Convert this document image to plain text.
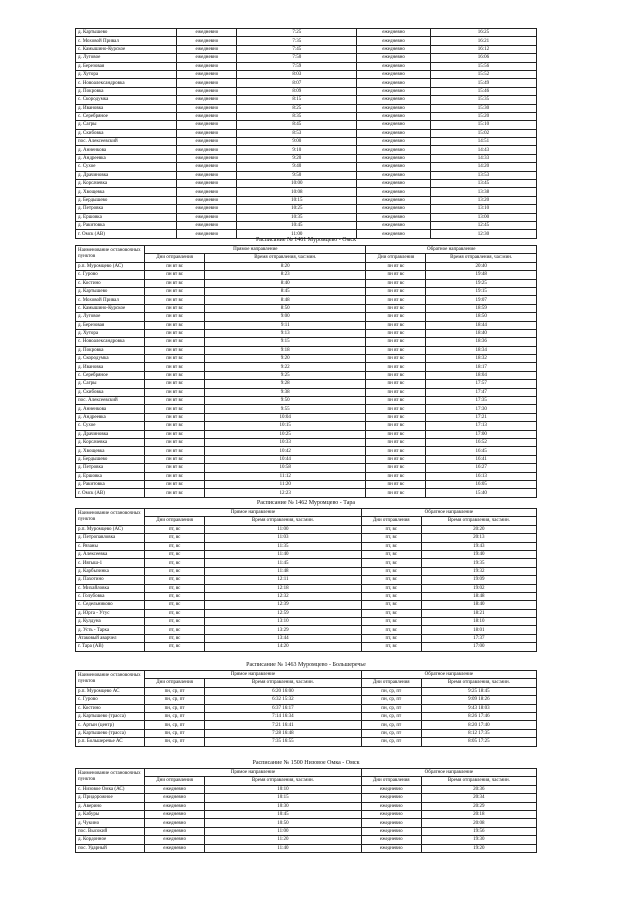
д. Картышево	ежедневно	7:25	ежедневно	16:25
с. Моховой Привал	ежедневно	7:35	ежедневно	16:21
с. Камышино-Курское	ежедневно	7:45	ежедневно	16:12
д. Луговое	ежедневно	7:50	ежедневно	16:06
д. Березовая	ежедневно	7:59	ежедневно	15:56
д. Хутора	ежедневно	8:03	ежедневно	15:52
с. Новоалександровка	ежедневно	8:07	ежедневно	15:49
д. Покровка	ежедневно	8:09	ежедневно	15:46
с. Скородумка	ежедневно	8:15	ежедневно	15:35
д. Ивановка	ежедневно	8:25	ежедневно	15:30
с. Серебряное	ежедневно	8:35	ежедневно	15:20
д. Сагры	ежедневно	8:45	ежедневно	15:10
д. Скибовка	ежедневно	8:53	ежедневно	15:02
пос. Алексеевский	ежедневно	9:00	ежедневно	14:51
д. Анненкова	ежедневно	9:10	ежедневно	14:43
д. Андреевка	ежедневно	9:20	ежедневно	14:33
с. Сухое	ежедневно	9:40	ежедневно	14:20
д. Драчиновка	ежедневно	9:50	ежедневно	13:53
д. Корсачевка	ежедневно	10:00	ежедневно	13:45
д. Хвощевка	ежедневно	10:08	ежедневно	13:38
д. Бердышево	ежедневно	10:15	ежедневно	13:20
д. Петровка	ежедневно	10:25	ежедневно	13:10
д. Ершовка	ежедневно	10:35	ежедневно	13:00
д. Ракитовка	ежедневно	10:45	ежедневно	12:45
г. Омск (АВ)	ежедневно	11:00	ежедневно	12:30
Расписание № 1461 Муромцево - Омск
Наименование остановочных пунктов	Прямое направление		Обратное направление	
	Дни отправления	Время отправления, час:мин.	Дни отправления	Время отправления, час:мин.
р.п. Муромцево (АС)	пн вт вс	8:20	пн вт вс	20:40
с. Гурово	пн вт вс	8:23	пн вт вс	19:48
с. Костино	пн вт вс	8:40	пн вт вс	19:25
д. Картышево	пн вт вс	8:45	пн вт вс	19:15
с. Моховой Привал	пн вт вс	8:48	пн вт вс	19:07
с. Камышино-Курское	пн вт вс	8:50	пн вт вс	18:59
д. Луговое	пн вт вс	9:00	пн вт вс	18:50
д. Березовая	пн вт вс	9:11	пн вт вс	18:44
д. Хутора	пн вт вс	9:13	пн вт вс	18:40
с. Новоалександровка	пн вт вс	9:15	пн вт вс	18:36
д. Покровка	пн вт вс	9:18	пн вт вс	18:34
д. Скородумка	пн вт вс	9:20	пн вт вс	18:32
д. Ивановка	пн вт вс	9:22	пн вт вс	18:17
с. Серебряное	пн вт вс	9:25	пн вт вс	18:04
д. Сагры	пн вт вс	9:28	пн вт вс	17:57
д. Скибовка	пн вт вс	9:38	пн вт вс	17:47
пос. Алексеевский	пн вт вс	9:50	пн вт вс	17:35
д. Анненкова	пн вт вс	9:55	пн вт вс	17:30
д. Андреевка	пн вт вс	10:04	пн вт вс	17:21
с. Сухое	пн вт вс	10:15	пн вт вс	17:13
д. Драчиновка	пн вт вс	10:25	пн вт вс	17:00
д. Корсачевка	пн вт вс	10:33	пн вт вс	16:52
д. Хвощевка	пн вт вс	10:42	пн вт вс	16:45
д. Бердышево	пн вт вс	10:44	пн вт вс	16:41
д. Петровка	пн вт вс	10:58	пн вт вс	16:27
д. Ершовка	пн вт вс	11:12	пн вт вс	16:13
д. Ракитовка	пн вт вс	11:20	пн вт вс	16:05
г. Омск (АВ)	пн вт вс	12:23	пн вт вс	15:40
Расписание № 1462 Муромцево - Тара
Наименование остановочных пунктов	Прямое направление		Обратное направление	
	Дни отправления	Время отправления, час:мин.	Дни отправления	Время отправления, час:мин.
р.п. Муромцево (АС)	пт, вс	11:00	пт, вс	20:20
д. Петропавловка	пт, вс	11:03	пт, вс	20:13
с. Рязаны	пт, вс	11:35	пт, вс	19:43
д. Алексеевка	пт, вс	11:40	пт, вс	19:40
с. Ивтыш-1	пт, вс	11:45	пт, вс	19:35
д. Карбызинка	пт, вс	11:48	пт, вс	19:32
д. Пахотино	пт, вс	12:11	пт, вс	19:09
с. Михайловка	пт, вс	12:18	пт, вс	19:02
с. Голубовка	пт, вс	12:32	пт, вс	18:48
с. Седельниково	пт, вс	12:39	пт, вс	18:40
д. Юрга - Утус	пт, вс	12:59	пт, вс	18:21
д. Кулдуна	пт, вс	13:10	пт, вс	18:10
д. Усть - Тарка	пт, вс	13:29	пт, вс	18:01
Атаковый аварчел	пт, вс	13:44	пт, вс	17:37
г. Тара (АВ)	пт, вс	14:20	пт, вс	17:00
Расписание № 1463 Муромцево - Большеречье
Наименование остановочных пунктов	Прямое направление		Обратное направление	
	Дни отправления	Время отправления, час:мин.	Дни отправления	Время отправления, час:мин.
р.п. Муромцево АС	пн, ср, пт	6:20 16:00	пн, ср, пт	9:25 18:45
с. Гурово	пн, ср, пт	6:32 15:32	пн, ср, пт	9:09 18:26
с. Костино	пн, ср, пт	6:37 16:17	пн, ср, пт	9:43 18:03
д. Картышево (трасса)	пн, ср, пт	7:14 16:34	пн, ср, пт	8:26 17:46
с. Артын (центр)	пн, ср, пт	7:21 16:41	пн, ср, пт	8:20 17:40
д. Картышево (трасса)	пн, ср, пт	7:28 16:48	пн, ср, пт	8:12 17:35
р.п. Большеречье АС	пн, ср, пт	7:35 16:55	пн, ср, пт	8:05 17:25
Расписание № 1500 Низовое Омка - Омск
Наименование остановочных пунктов	Прямое направление		Обратное направление	
	Дни отправления	Время отправления, час:мин.	Дни отправления	Время отправления, час:мин.
с. Низовое Омка (АС)	ежедневно	10:10	ежедневно	20:36
д. Придорожное	ежедневно	10:15	ежедневно	20:34
д. Аверино	ежедневно	10:30	ежедневно	20:29
д. Кабуры	ежедневно	10:45	ежедневно	20:18
д. Чукино	ежедневно	10:50	ежедневно	20:08
пос. Высокий	ежедневно	11:00	ежедневно	19:56
д. Кордонное	ежедневно	11:20	ежедневно	19:30
пос. Ударный	ежедневно	11:40	ежедневно	19:20
